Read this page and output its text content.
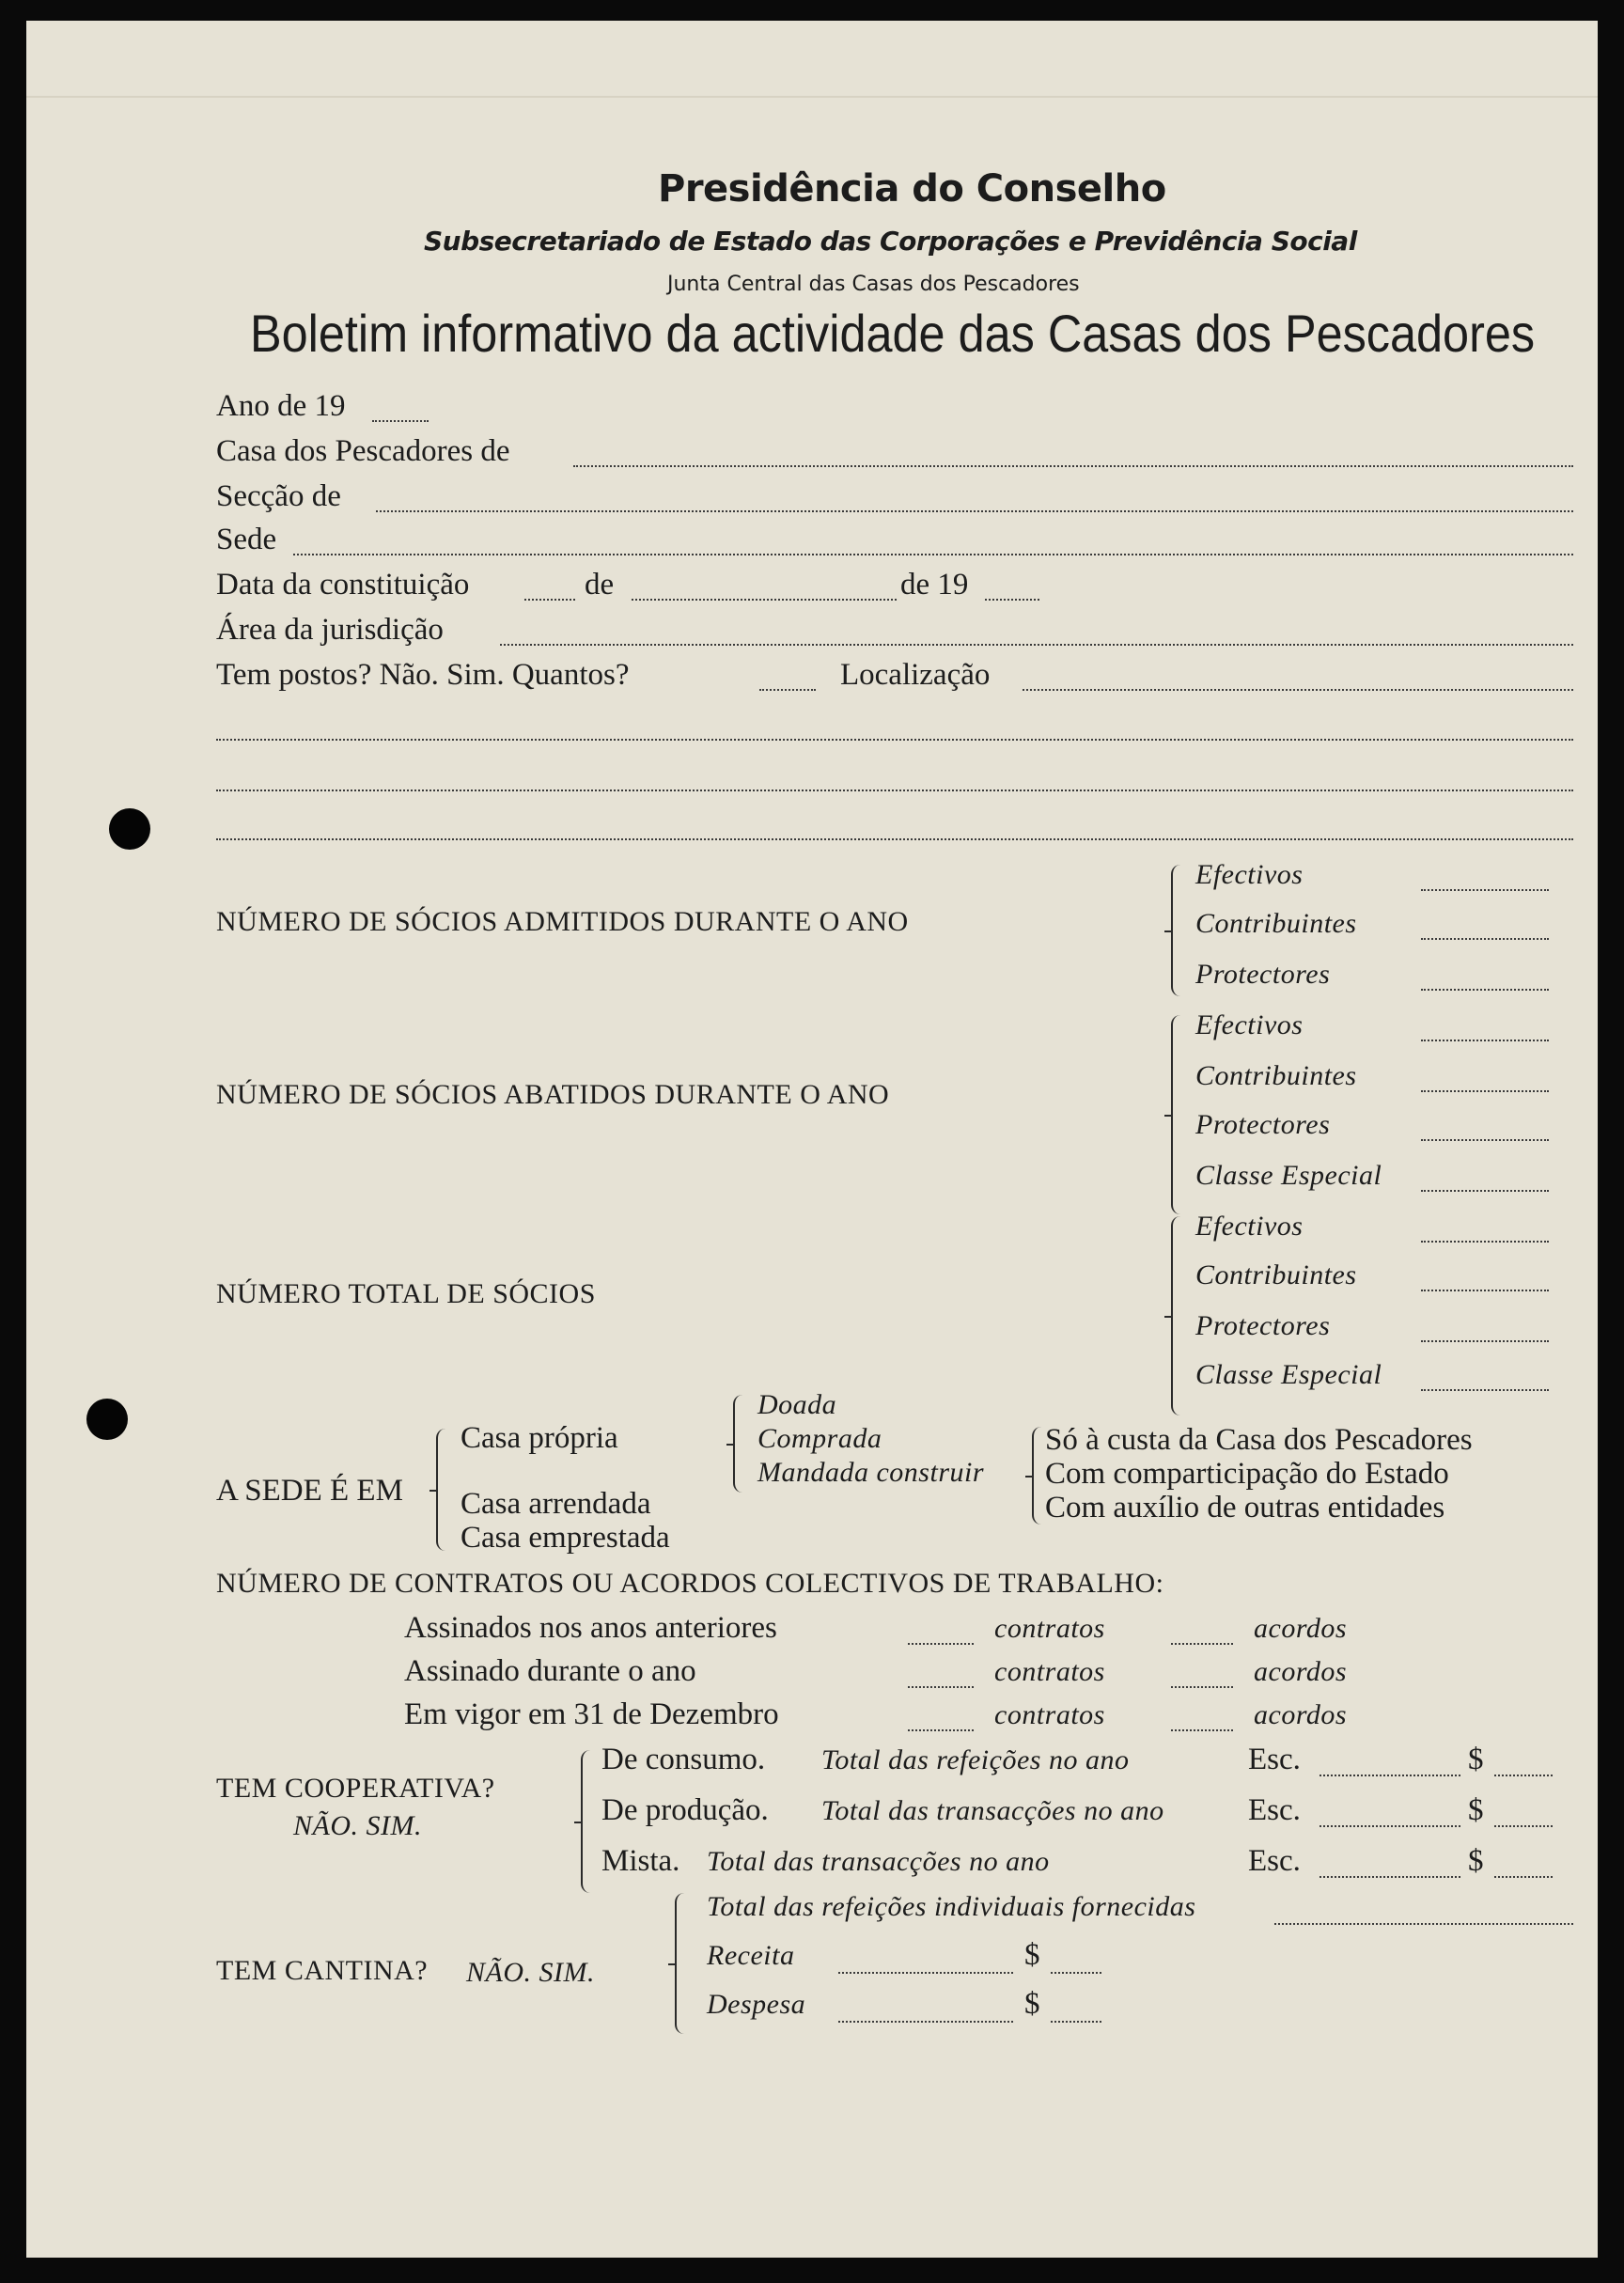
Presidência do Conselho
Subsecretariado de Estado das Corporações e Previdência Social
Junta Central das Casas dos Pescadores
Boletim informativo da actividade das Casas dos Pescadores
Ano de 19
Casa dos Pescadores de
Secção de
Sede
Data da constituição	de	de 19
Área da jurisdição
Tem postos? Não. Sim. Quantos?	Localização
NÚMERO DE SÓCIOS ADMITIDOS DURANTE O ANO
Efectivos
Contribuintes
Protectores
NÚMERO DE SÓCIOS ABATIDOS DURANTE O ANO
Efectivos
Contribuintes
Protectores
Classe Especial
NÚMERO TOTAL DE SÓCIOS
Efectivos
Contribuintes
Protectores
Classe Especial
A SEDE É EM
Casa própria
Casa arrendada
Casa emprestada
Doada
Comprada
Mandada construir
Só à custa da Casa dos Pescadores
Com comparticipação do Estado
Com auxílio de outras entidades
NÚMERO DE CONTRATOS OU ACORDOS COLECTIVOS DE TRABALHO:
Assinados nos anos anteriores	contratos	acordos
Assinado durante o ano	contratos	acordos
Em vigor em 31 de Dezembro	contratos	acordos
TEM COOPERATIVA?
NÃO. SIM.
De consumo. Total das refeições no ano	Esc.	$
De produção. Total das transacções no ano	Esc.	$
Mista. Total das transacções no ano	Esc.	$
TEM CANTINA? NÃO. SIM.
Total das refeições individuais fornecidas
Receita	$
Despesa	$
